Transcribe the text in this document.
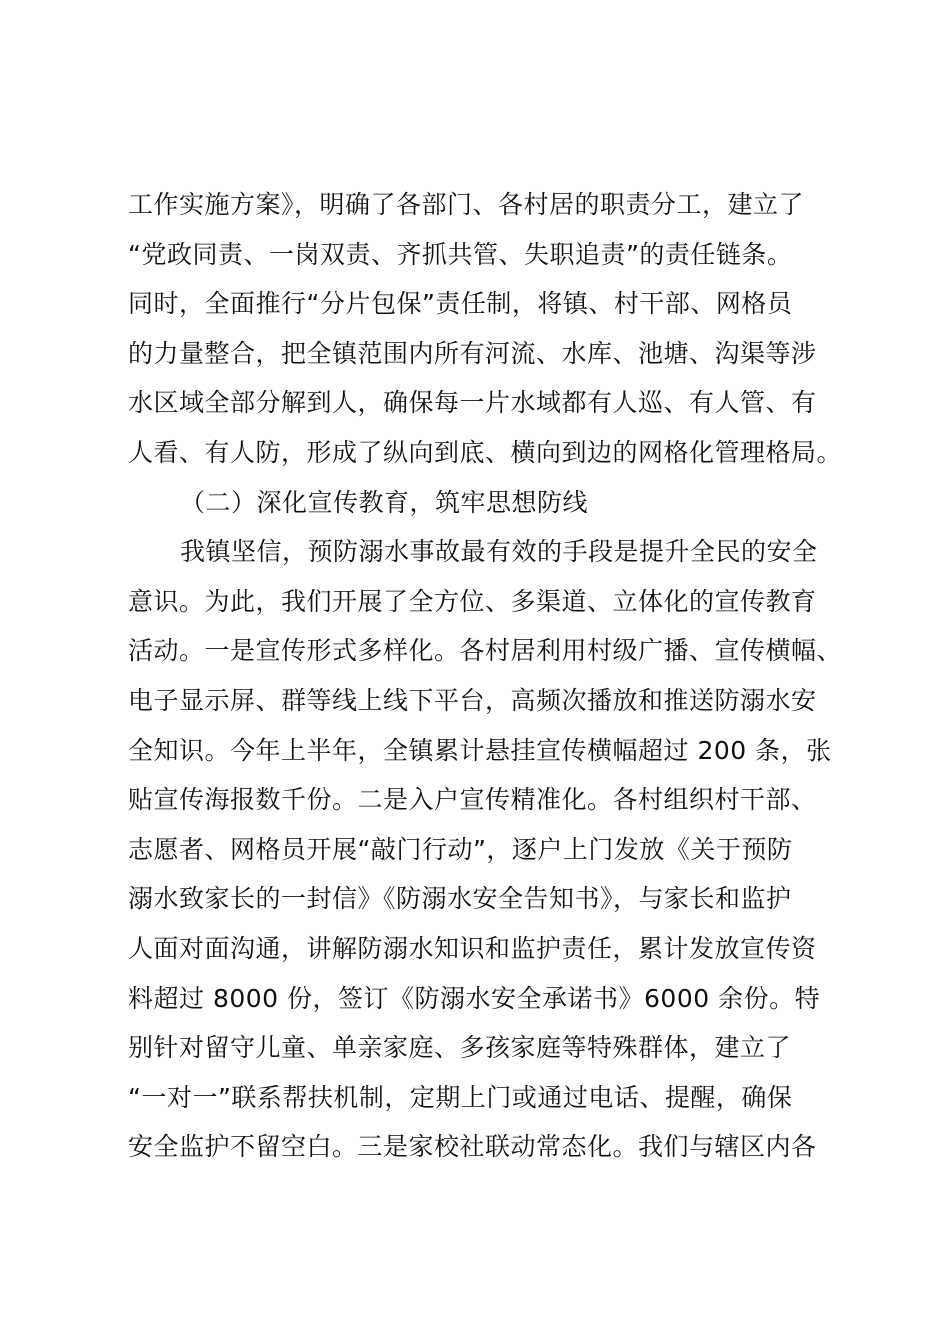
工作实施方案》，明确了各部门、各村居的职责分工，建立了
“党政同责、一岗双责、齐抓共管、失职追责”的责任链条。
同时，全面推行“分片包保”责任制，将镇、村干部、网格员
的力量整合，把全镇范围内所有河流、水库、池塘、沟渠等涉
水区域全部分解到人，确保每一片水域都有人巡、有人管、有
人看、有人防，形成了纵向到底、横向到边的网格化管理格局。
（二）深化宣传教育，筑牢思想防线
我镇坚信，预防溺水事故最有效的手段是提升全民的安全
意识。为此，我们开展了全方位、多渠道、立体化的宣传教育
活动。一是宣传形式多样化。各村居利用村级广播、宣传横幅、
电子显示屏、群等线上线下平台，高频次播放和推送防溺水安
全知识。今年上半年，全镇累计悬挂宣传横幅超过 200 条，张
贴宣传海报数千份。二是入户宣传精准化。各村组织村干部、
志愿者、网格员开展“敲门行动”，逐户上门发放《关于预防
溺水致家长的一封信》《防溺水安全告知书》，与家长和监护
人面对面沟通，讲解防溺水知识和监护责任，累计发放宣传资
料超过 8000 份，签订《防溺水安全承诺书》6000 余份。特
别针对留守儿童、单亲家庭、多孩家庭等特殊群体，建立了
“一对一”联系帮扶机制，定期上门或通过电话、提醒，确保
安全监护不留空白。三是家校社联动常态化。我们与辖区内各
